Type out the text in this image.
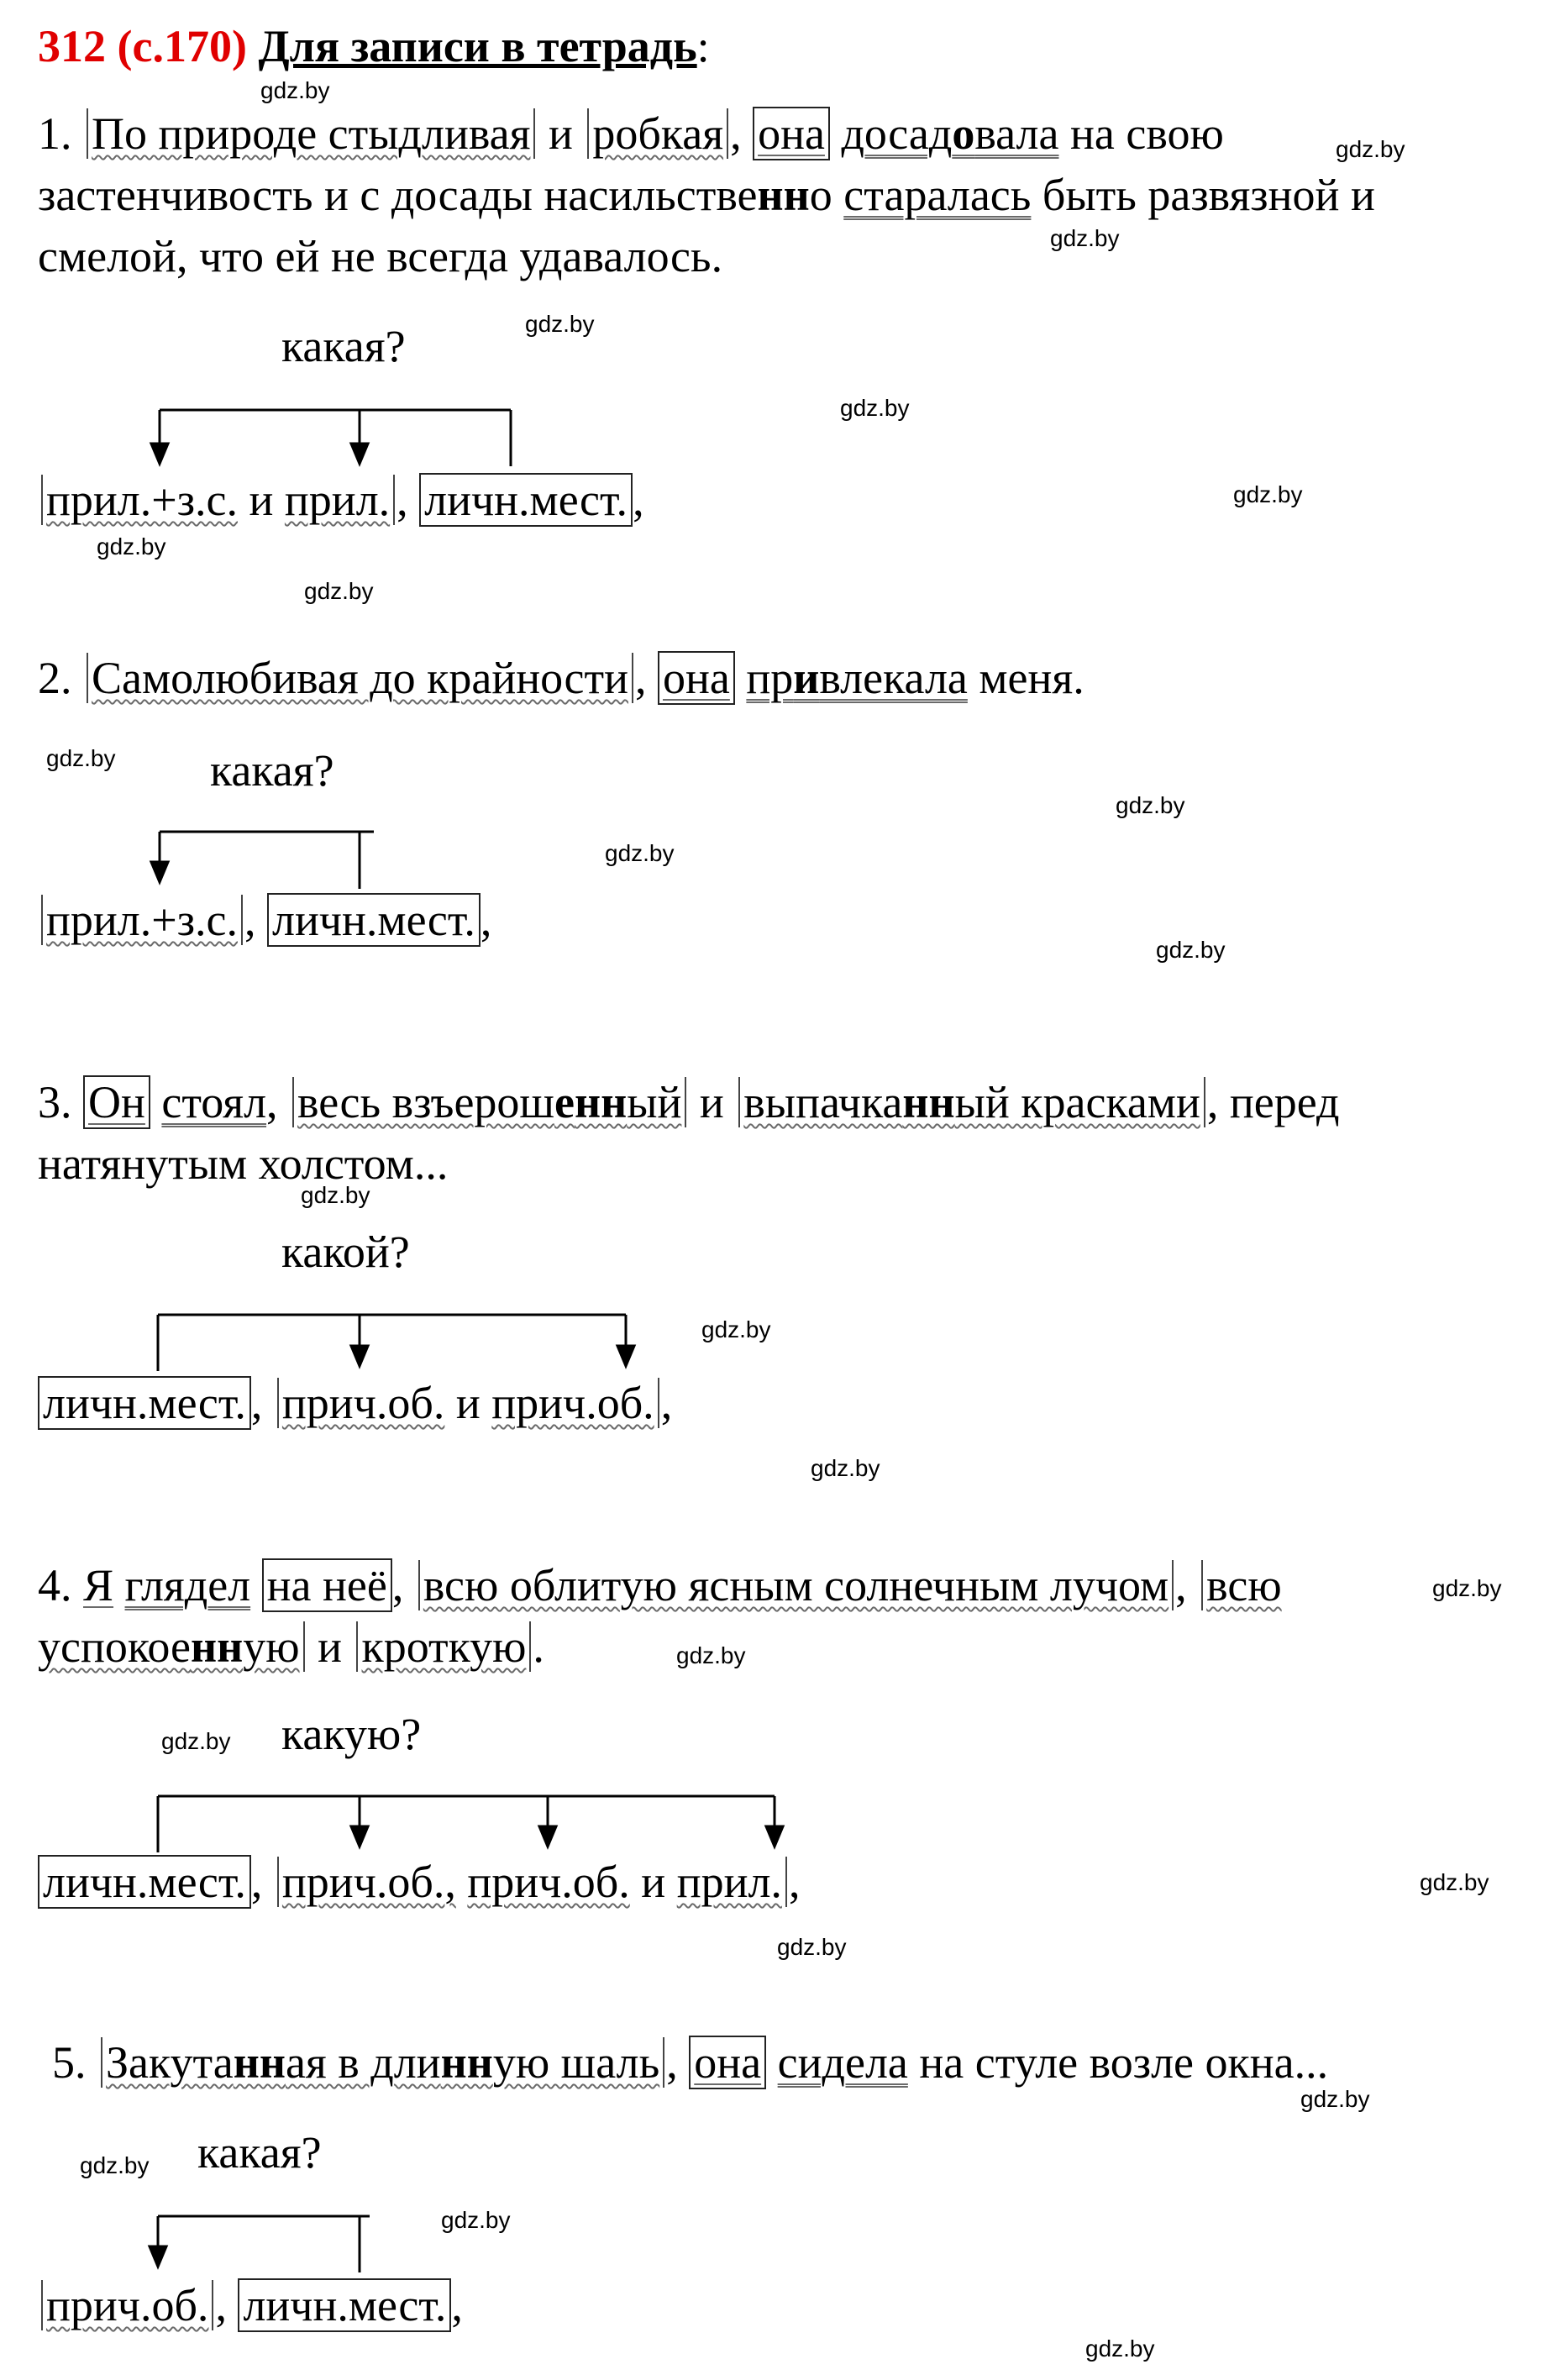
312 (с.170) Для записи в тетрадь:
1. По природе стыдливая и робкая , она досадовала на свою
застенчивость и с досады насильственно старалась быть развязной и
смелой, что ей не всегда удавалось.
какая?
прил.+з.с. и прил. , личн.мест. ,
2. Самолюбивая до крайности , она привлекала меня.
какая?
прил.+з.с. , личн.мест. ,
3. Он стоял, весь взъерошенный и выпачканный красками , перед
натянутым холстом...
какой?
личн.мест. , прич.об. и прич.об. ,
4. Я глядел на неё , всю облитую ясным солнечным лучом , всю
успокоенную и кроткую .
какую?
личн.мест. , прич.об., прич.об. и прил. ,
5. Закутанная в длинную шаль , она сидела на стуле возле окна...
какая?
прич.об. , личн.мест. ,
gdz.by
gdz.by
gdz.by
gdz.by
gdz.by
gdz.by
gdz.by
gdz.by
gdz.by
gdz.by
gdz.by
gdz.by
gdz.by
gdz.by
gdz.by
gdz.by
gdz.by
gdz.by
gdz.by
gdz.by
gdz.by
gdz.by
gdz.by
gdz.by
